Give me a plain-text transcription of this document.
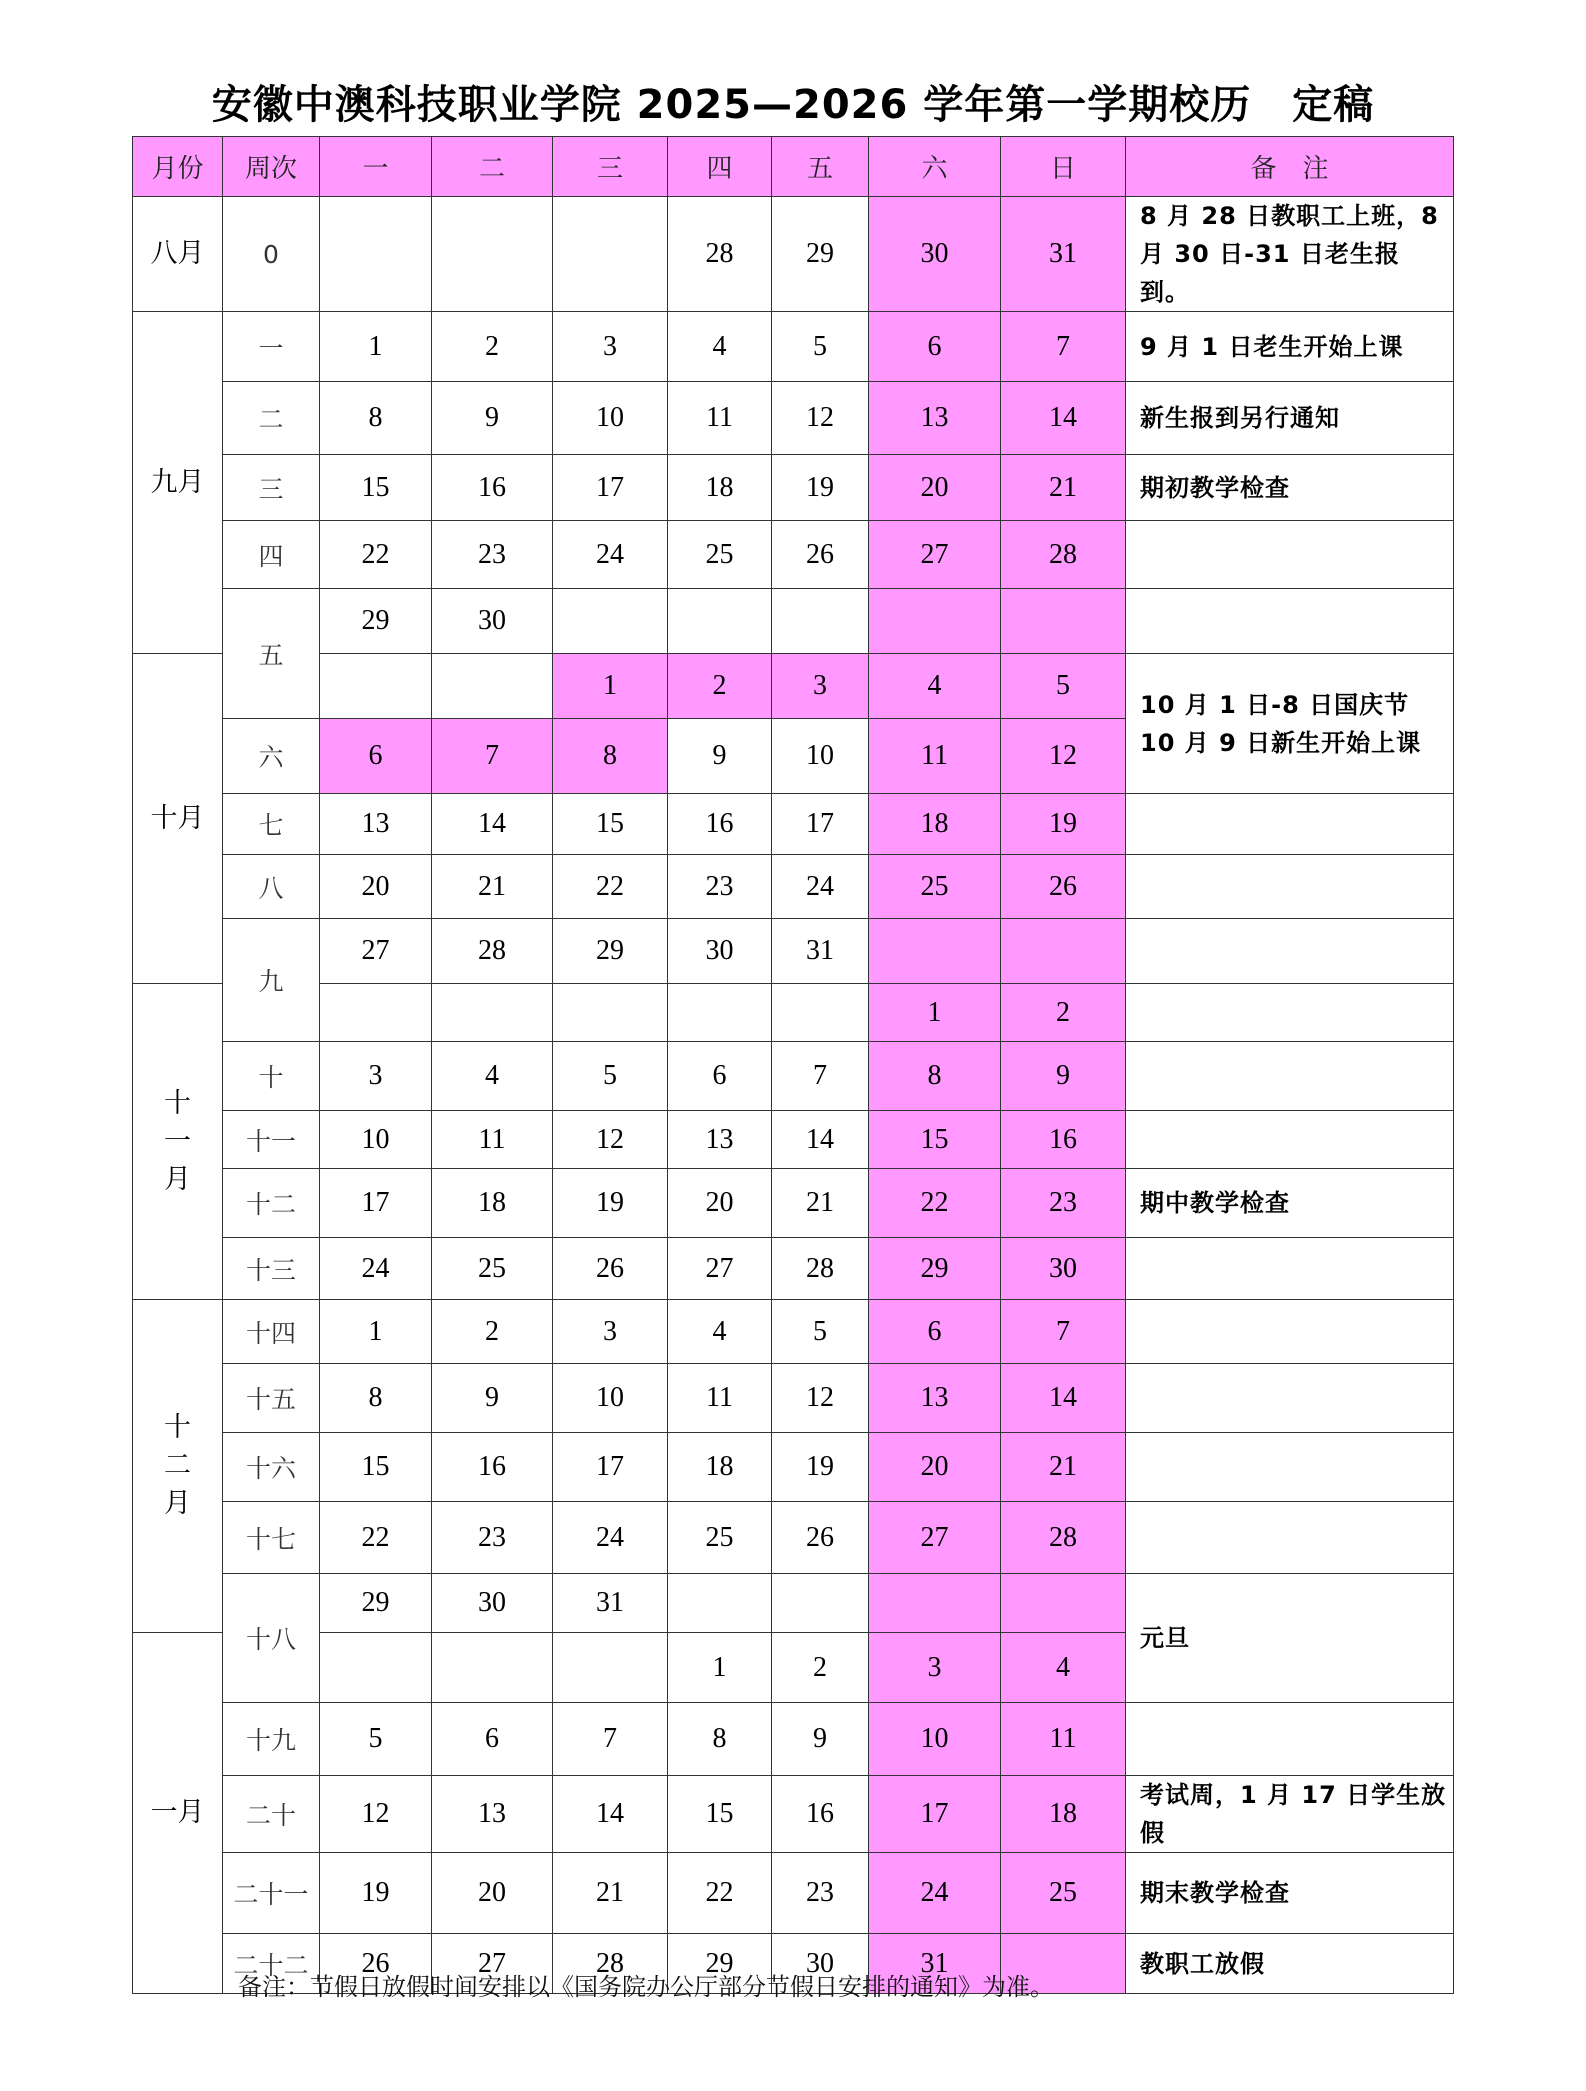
安徽中澳科技职业学院 2025—2026 学年第一学期校历　定稿
月份	周次	一	二	三	四	五	六	日	备　注
八月	0				28	29	30	31	8 月 28 日教职工上班，8 月 30 日-31 日老生报到。
九月	一	1	2	3	4	5	6	7	9 月 1 日老生开始上课
	二	8	9	10	11	12	13	14	新生报到另行通知
	三	15	16	17	18	19	20	21	期初教学检查
	四	22	23	24	25	26	27	28	
	五	29	30						
十月				1	2	3	4	5	10 月 1 日-8 日国庆节
10 月 9 日新生开始上课
	六	6	7	8	9	10	11	12	
	七	13	14	15	16	17	18	19	
	八	20	21	22	23	24	25	26	
	九	27	28	29	30	31			
十一月							1	2	
	十	3	4	5	6	7	8	9	
	十一	10	11	12	13	14	15	16	
	十二	17	18	19	20	21	22	23	期中教学检查
	十三	24	25	26	27	28	29	30	
十二月	十四	1	2	3	4	5	6	7	
	十五	8	9	10	11	12	13	14	
	十六	15	16	17	18	19	20	21	
	十七	22	23	24	25	26	27	28	
	十八	29	30	31					元旦
一月					1	2	3	4	
	十九	5	6	7	8	9	10	11	
	二十	12	13	14	15	16	17	18	考试周，1 月 17 日学生放假
	二十一	19	20	21	22	23	24	25	期末教学检查
	二十二	26	27	28	29	30	31		教职工放假
备注：节假日放假时间安排以《国务院办公厅部分节假日安排的通知》为准。
